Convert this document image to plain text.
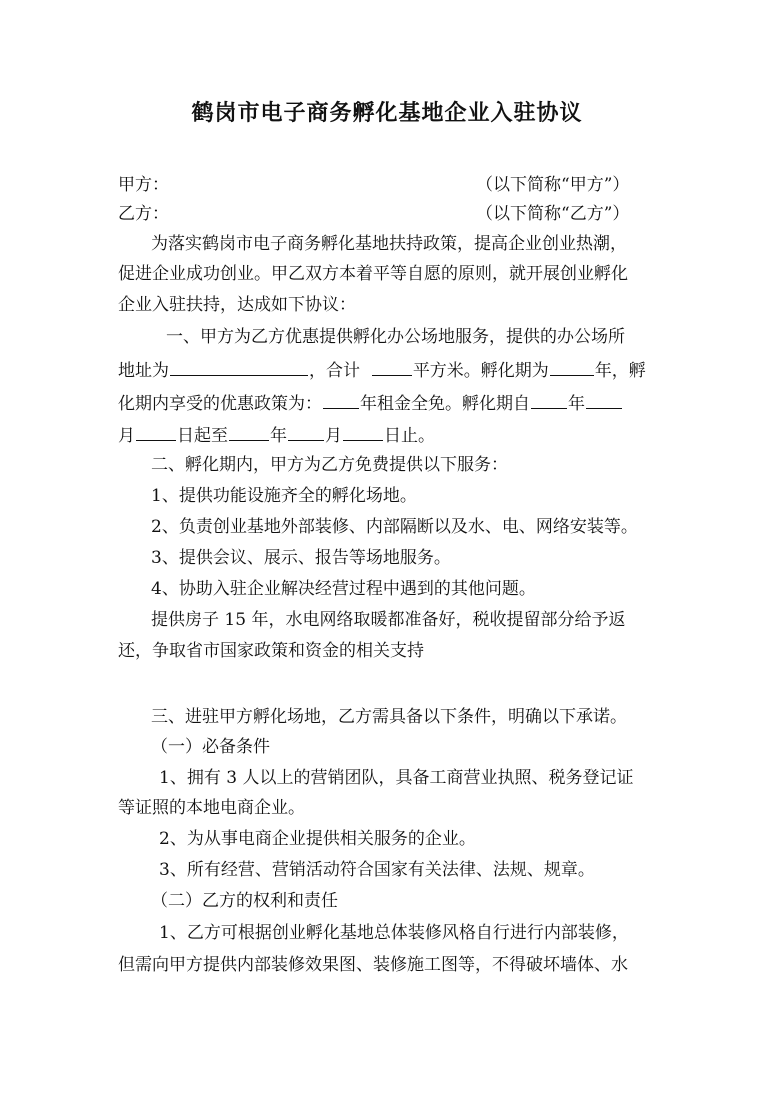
鹤岗市电子商务孵化基地企业入驻协议
甲方：	（以下简称“甲方”）
乙方：	（以下简称“乙方”）
为落实鹤岗市电子商务孵化基地扶持政策，提高企业创业热潮，
促进企业成功创业。甲乙双方本着平等自愿的原则，就开展创业孵化
企业入驻扶持，达成如下协议：
一、甲方为乙方优惠提供孵化办公场地服务，提供的办公场所
地址为	，合计	平方米。孵化期为	年，孵
化期内享受的优惠政策为： 年租金全免。孵化期自 年
月 日起至 年 月 日止。
二、孵化期内，甲方为乙方免费提供以下服务：
1、提供功能设施齐全的孵化场地。
2、负责创业基地外部装修、内部隔断以及水、电、网络安装等。
3、提供会议、展示、报告等场地服务。
4、协助入驻企业解决经营过程中遇到的其他问题。
提供房子 15 年，水电网络取暖都准备好，税收提留部分给予返
还，争取省市国家政策和资金的相关支持
三、进驻甲方孵化场地，乙方需具备以下条件，明确以下承诺。
（一）必备条件
1、拥有 3 人以上的营销团队，具备工商营业执照、税务登记证
等证照的本地电商企业。
2、为从事电商企业提供相关服务的企业。
3、所有经营、营销活动符合国家有关法律、法规、规章。
（二）乙方的权利和责任
1、乙方可根据创业孵化基地总体装修风格自行进行内部装修，
但需向甲方提供内部装修效果图、装修施工图等，不得破坏墙体、水
